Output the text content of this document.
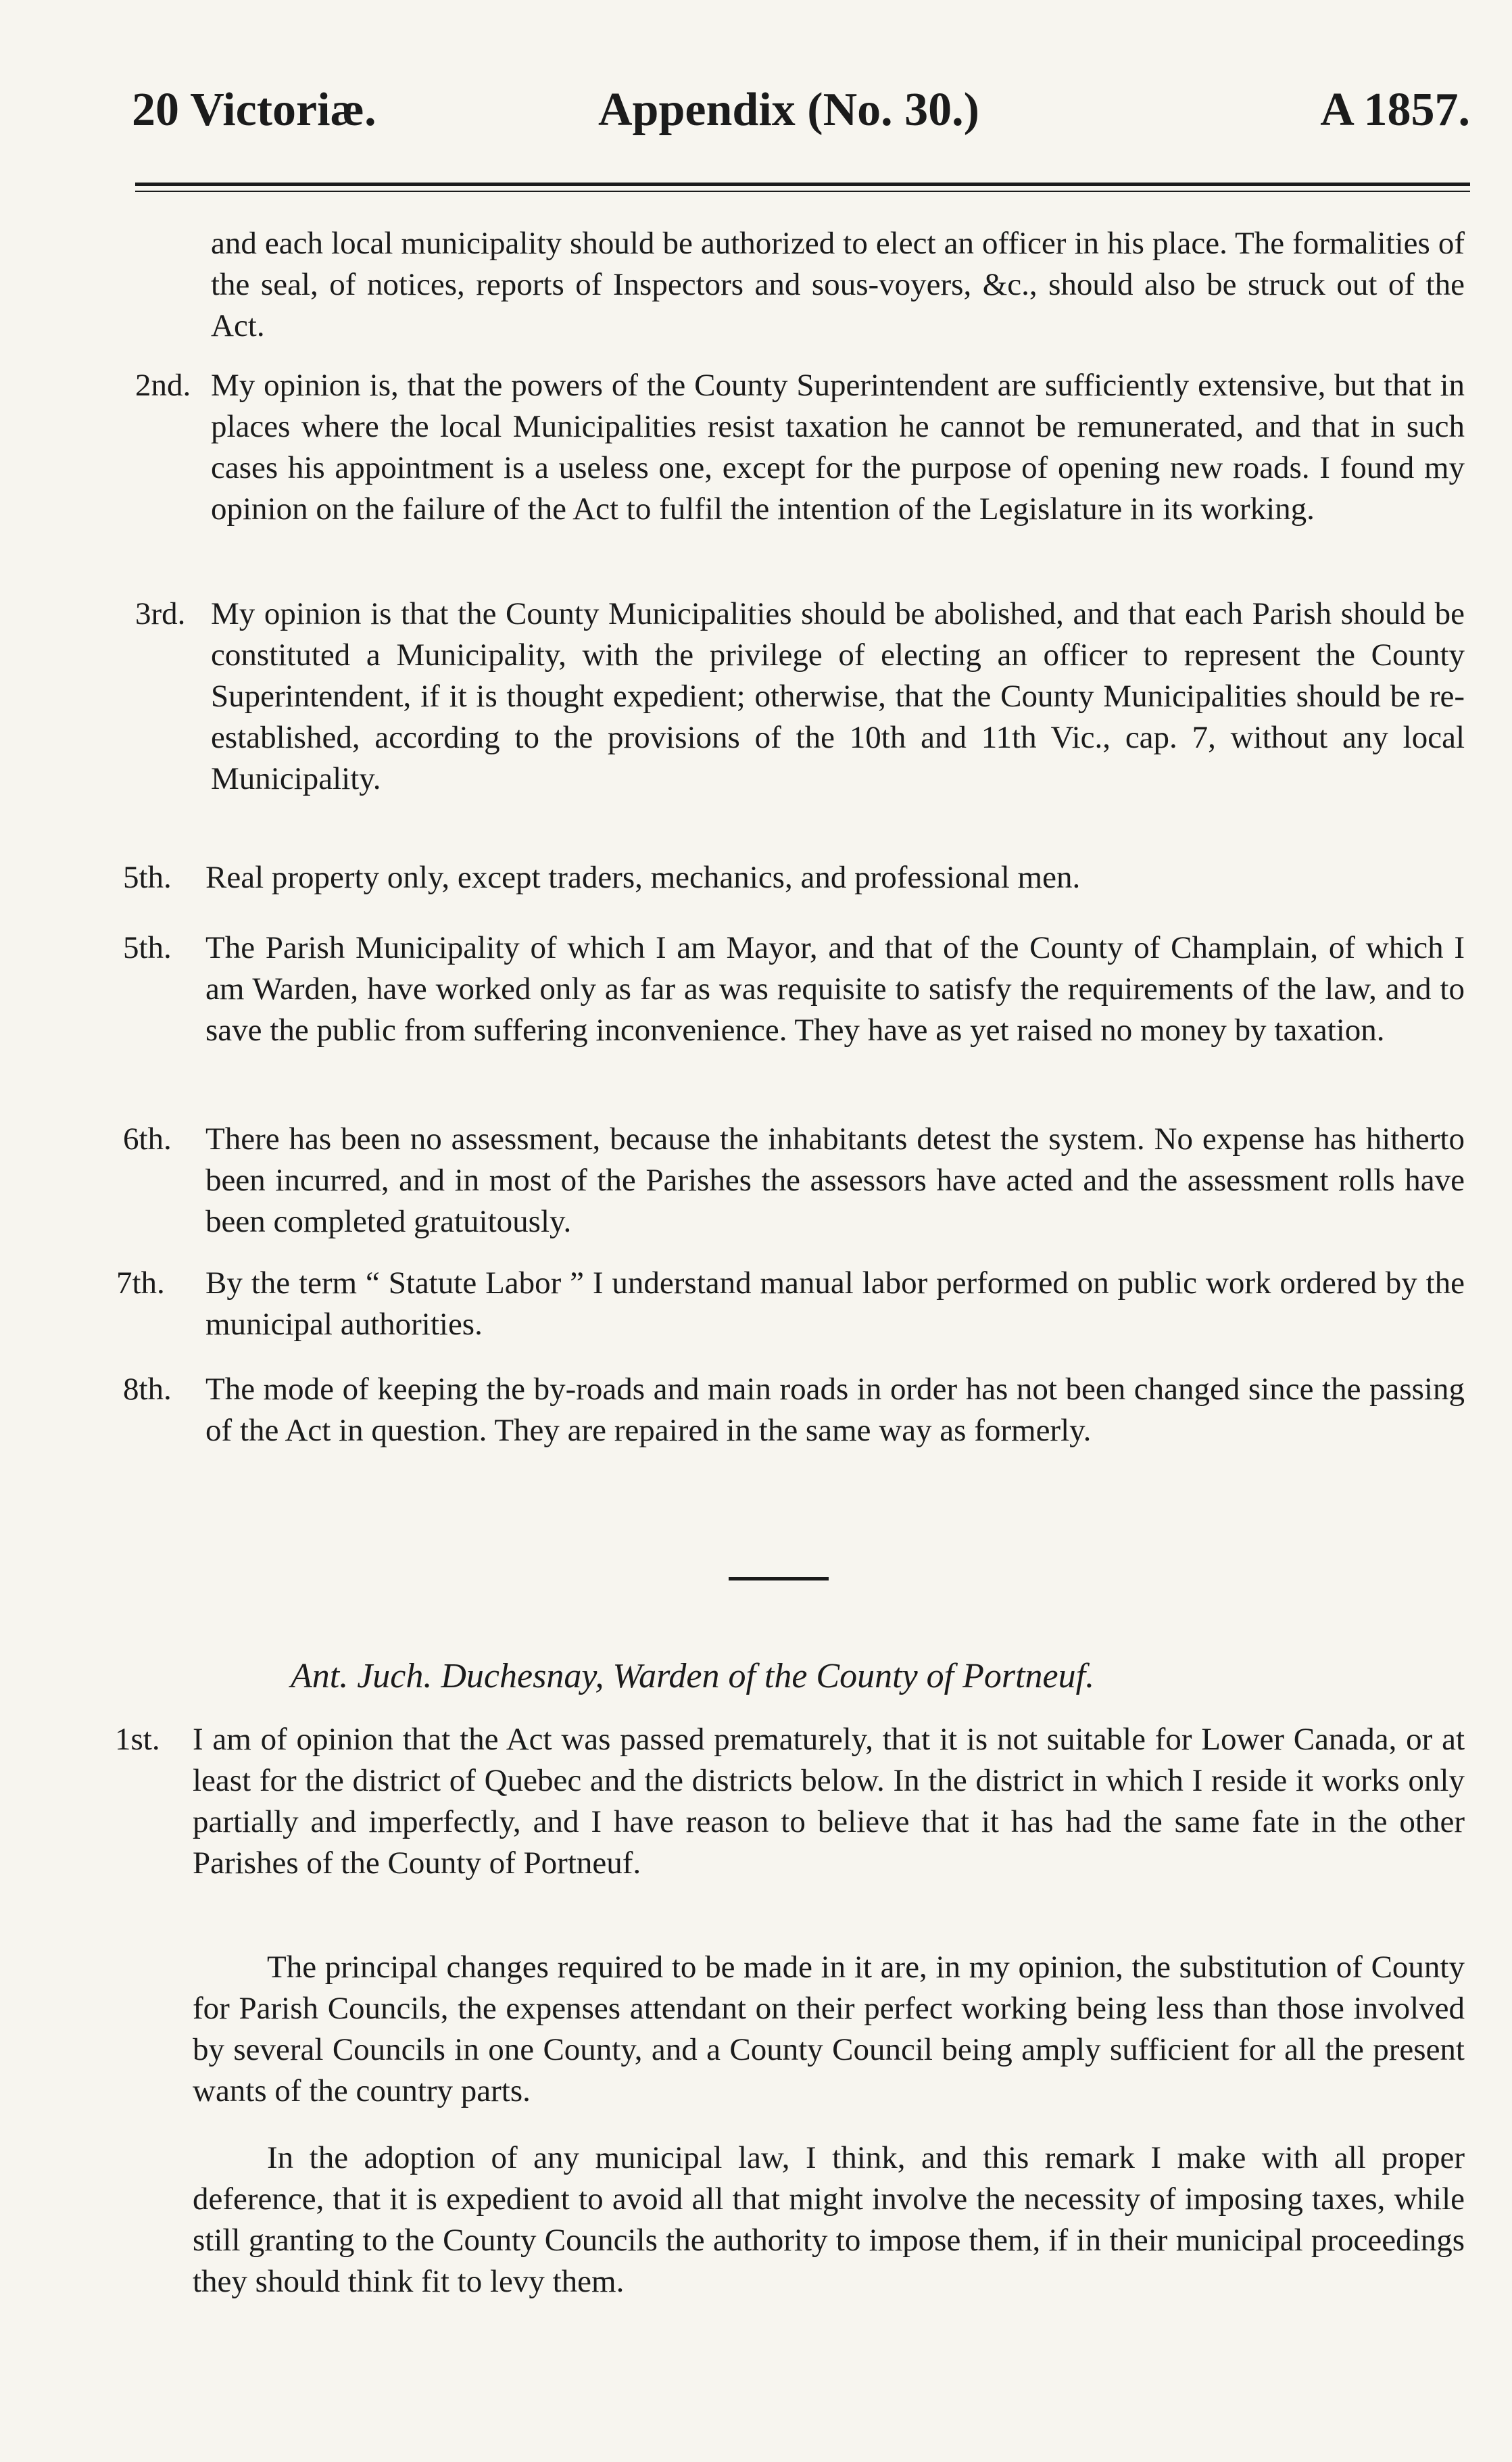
20 Victoriæ.	Appendix (No. 30.)	A 1857.

and each local municipality should be authorized to elect an officer in his place. The formalities of the seal, of notices, reports of Inspectors and sous-voyers, &c., should also be struck out of the Act.

2nd. My opinion is, that the powers of the County Superintendent are sufficiently extensive, but that in places where the local Municipalities resist taxation he cannot be remunerated, and that in such cases his appointment is a useless one, except for the purpose of opening new roads. I found my opinion on the failure of the Act to fulfil the intention of the Legislature in its working.
3rd. My opinion is that the County Municipalities should be abolished, and that each Parish should be constituted a Municipality, with the privilege of electing an officer to represent the County Superintendent, if it is thought expedient; otherwise, that the County Municipalities should be re-established, according to the provisions of the 10th and 11th Vic., cap. 7, without any local Municipality.
5th. Real property only, except traders, mechanics, and professional men.
5th. The Parish Municipality of which I am Mayor, and that of the County of Champlain, of which I am Warden, have worked only as far as was requisite to satisfy the requirements of the law, and to save the public from suffering inconvenience. They have as yet raised no money by taxation.
6th. There has been no assessment, because the inhabitants detest the system. No expense has hitherto been incurred, and in most of the Parishes the assessors have acted and the assessment rolls have been completed gratuitously.
7th. By the term “ Statute Labor ” I understand manual labor performed on public work ordered by the municipal authorities.
8th. The mode of keeping the by-roads and main roads in order has not been changed since the passing of the Act in question. They are repaired in the same way as formerly.
Ant. Juch. Duchesnay, Warden of the County of Portneuf.
1st. I am of opinion that the Act was passed prematurely, that it is not suitable for Lower Canada, or at least for the district of Quebec and the districts below. In the district in which I reside it works only partially and imperfectly, and I have reason to believe that it has had the same fate in the other Parishes of the County of Portneuf.
The principal changes required to be made in it are, in my opinion, the substitution of County for Parish Councils, the expenses attendant on their perfect working being less than those involved by several Councils in one County, and a County Council being amply sufficient for all the present wants of the country parts.
In the adoption of any municipal law, I think, and this remark I make with all proper deference, that it is expedient to avoid all that might involve the necessity of imposing taxes, while still granting to the County Councils the authority to impose them, if in their municipal proceedings they should think fit to levy them.
